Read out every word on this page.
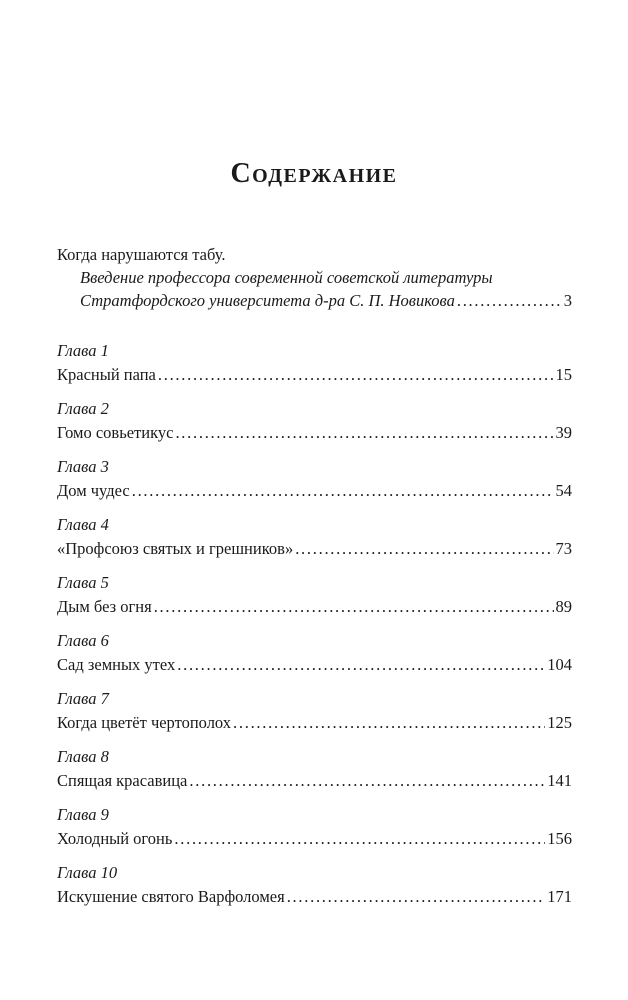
Содержание
Когда нарушаются табу.
Введение профессора современной советской литературы
Стратфордского университета д-ра С. П. Новикова . . .	3
Глава 1
Красный папа . . .	15
Глава 2
Гомо совьетикус . . .	39
Глава 3
Дом чудес . . .	54
Глава 4
«Профсоюз святых и грешников» . . .	73
Глава 5
Дым без огня . . .	89
Глава 6
Сад земных утех . . .	104
Глава 7
Когда цветёт чертополох . . .	125
Глава 8
Спящая красавица . . .	141
Глава 9
Холодный огонь . . .	156
Глава 10
Искушение святого Варфоломея . . .	171
